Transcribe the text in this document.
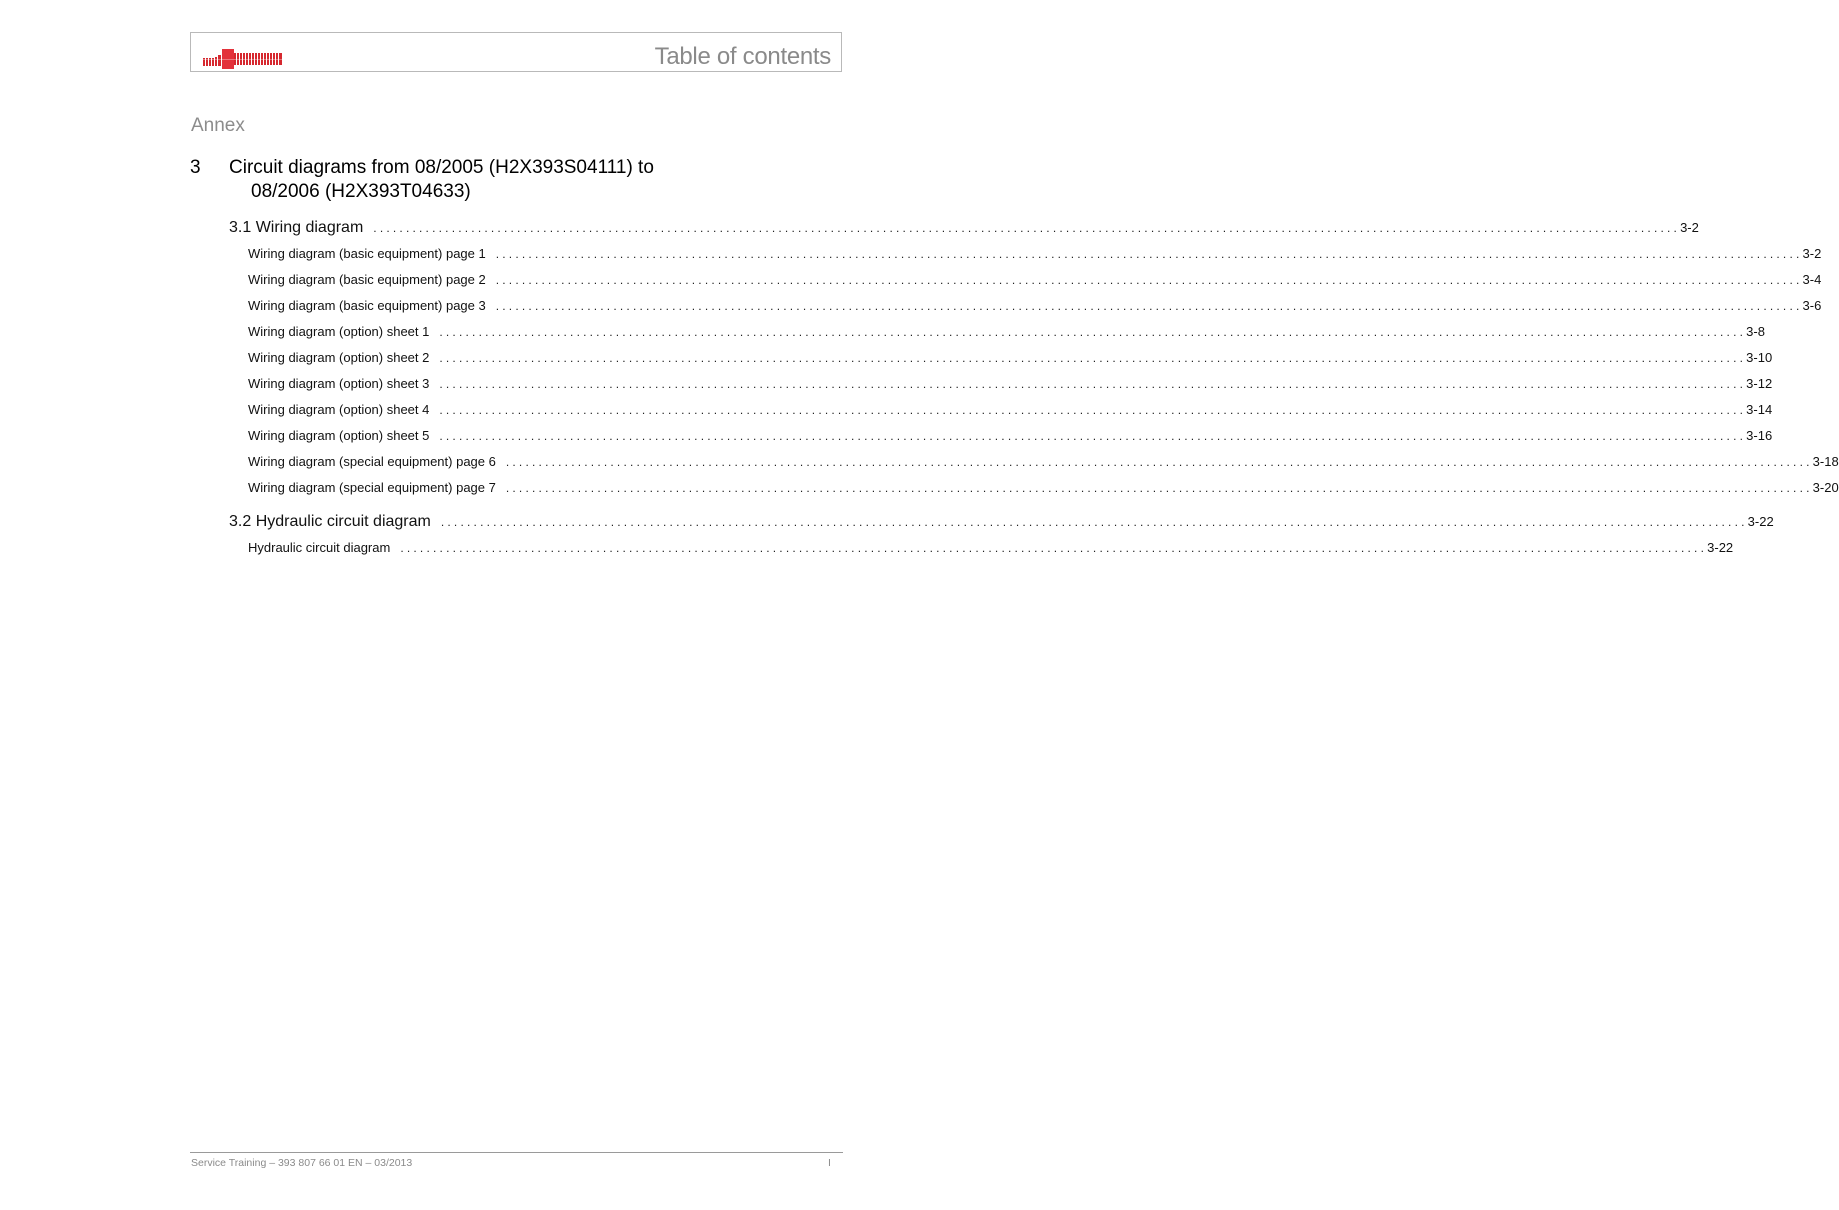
Table of contents
Annex
3 Circuit diagrams from 08/2005 (H2X393S04111) to
08/2006 (H2X393T04633)
3.1 Wiring diagram ........................................................................................................................................................................................................ 3- 2
Wiring diagram (basic equipment) page 1 ........................................................................................................................................................................................................ 3- 2
Wiring diagram (basic equipment) page 2 ........................................................................................................................................................................................................ 3- 4
Wiring diagram (basic equipment) page 3 ........................................................................................................................................................................................................ 3- 6
Wiring diagram (option) sheet 1 ........................................................................................................................................................................................................ 3- 8
Wiring diagram (option) sheet 2 ........................................................................................................................................................................................................ 3- 10
Wiring diagram (option) sheet 3 ........................................................................................................................................................................................................ 3- 12
Wiring diagram (option) sheet 4 ........................................................................................................................................................................................................ 3- 14
Wiring diagram (option) sheet 5 ........................................................................................................................................................................................................ 3- 16
Wiring diagram (special equipment) page 6 ........................................................................................................................................................................................................ 3- 18
Wiring diagram (special equipment) page 7 ........................................................................................................................................................................................................ 3- 20
3.2 Hydraulic circuit diagram ........................................................................................................................................................................................................ 3- 22
Hydraulic circuit diagram ........................................................................................................................................................................................................ 3- 22
Service Training – 393 807 66 01 EN – 03/2013	I
